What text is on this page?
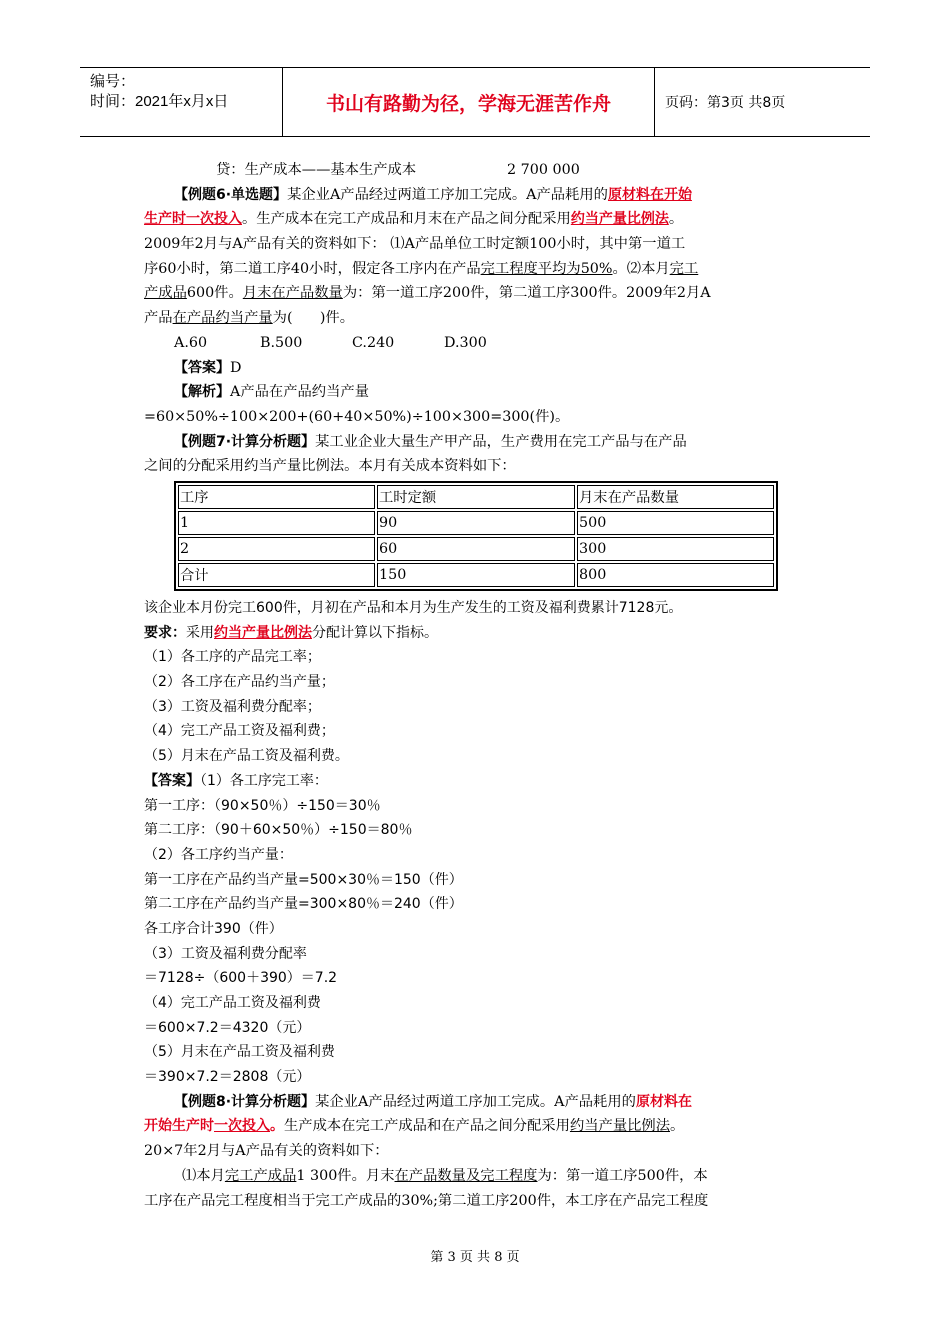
编号：
时间：2021年x月x日	书山有路勤为径，学海无涯苦作舟	页码：第3页 共8页
贷：生产成本——基本生产成本                    2 700 000
【例题6·单选题】某企业A产品经过两道工序加工完成。A产品耗用的原材料在开始
生产时一次投入。生产成本在完工产成品和月末在产品之间分配采用约当产量比例法。
2009年2月与A产品有关的资料如下： ⑴A产品单位工时定额100小时，其中第一道工
序60小时，第二道工序40小时，假定各工序内在产品完工程度平均为50%。⑵本月完工
产成品600件。月末在产品数量为：第一道工序200件，第二道工序300件。2009年2月A
产品在产品约当产量为(      )件。
A.60	B.500	C.240	D.300
【答案】D
【解析】A产品在产品约当产量
=60×50%÷100×200+(60+40×50%)÷100×300=300(件)。
【例题7·计算分析题】某工业企业大量生产甲产品，生产费用在完工产品与在产品
之间的分配采用约当产量比例法。本月有关成本资料如下：
工序	工时定额	月末在产品数量
1	90	500
2	60	300
合计	150	800
该企业本月份完工600件，月初在产品和本月为生产发生的工资及福利费累计7128元。
要求：采用约当产量比例法分配计算以下指标。
（1）各工序的产品完工率；
（2）各工序在产品约当产量；
（3）工资及福利费分配率；
（4）完工产品工资及福利费；
（5）月末在产品工资及福利费。
【答案】（1）各工序完工率：
第一工序：（90×50％）÷150＝30％
第二工序：（90＋60×50％）÷150＝80％
（2）各工序约当产量：
第一工序在产品约当产量=500×30％＝150（件）
第二工序在产品约当产量=300×80％＝240（件）
各工序合计390（件）
（3）工资及福利费分配率
＝7128÷（600＋390）＝7.2
（4）完工产品工资及福利费
＝600×7.2＝4320（元）
（5）月末在产品工资及福利费
＝390×7.2＝2808（元）
【例题8·计算分析题】某企业A产品经过两道工序加工完成。A产品耗用的原材料在
开始生产时一次投入。生产成本在完工产成品和在产品之间分配采用约当产量比例法。
20×7年2月与A产品有关的资料如下：
⑴本月完工产成品1 300件。月末在产品数量及完工程度为：第一道工序500件，本
工序在产品完工程度相当于完工产成品的30%;第二道工序200件，本工序在产品完工程度
第 3 页 共 8 页
